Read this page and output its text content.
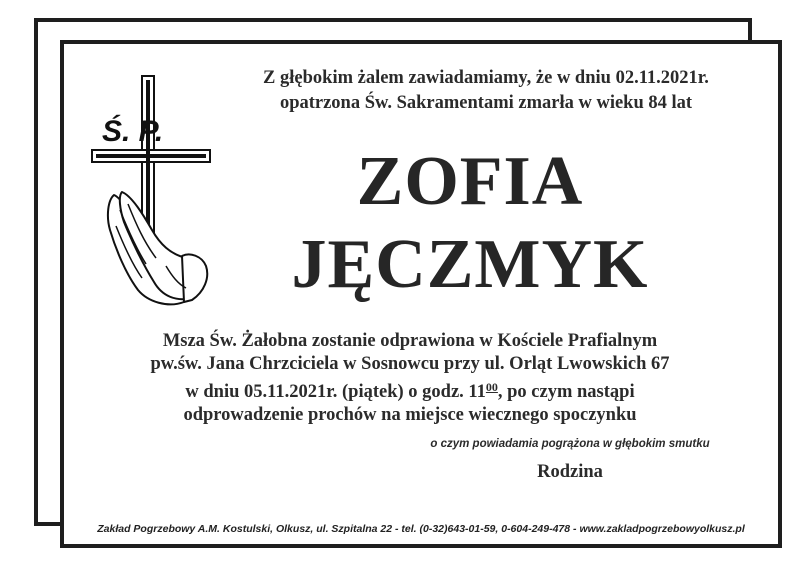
Ś. P.
Z głębokim żalem zawiadamiamy, że w dniu 02.11.2021r.
opatrzona Św. Sakramentami zmarła w wieku 84 lat
ZOFIA
JĘCZMYK
Msza Św. Żałobna zostanie odprawiona w Kościele Prafialnym
pw.św. Jana Chrzciciela w Sosnowcu przy ul. Orląt Lwowskich 67
w dniu 05.11.2021r. (piątek) o godz. $11^{00}$, po czym nastąpi
odprowadzenie prochów na miejsce wiecznego spoczynku
o czym powiadamia pogrążona w głębokim smutku
Rodzina
Zakład Pogrzebowy A.M. Kostulski, Olkusz, ul. Szpitalna 22 - tel. (0-32)643-01-59, 0-604-249-478 - www.zakladpogrzebowyolkusz.pl
